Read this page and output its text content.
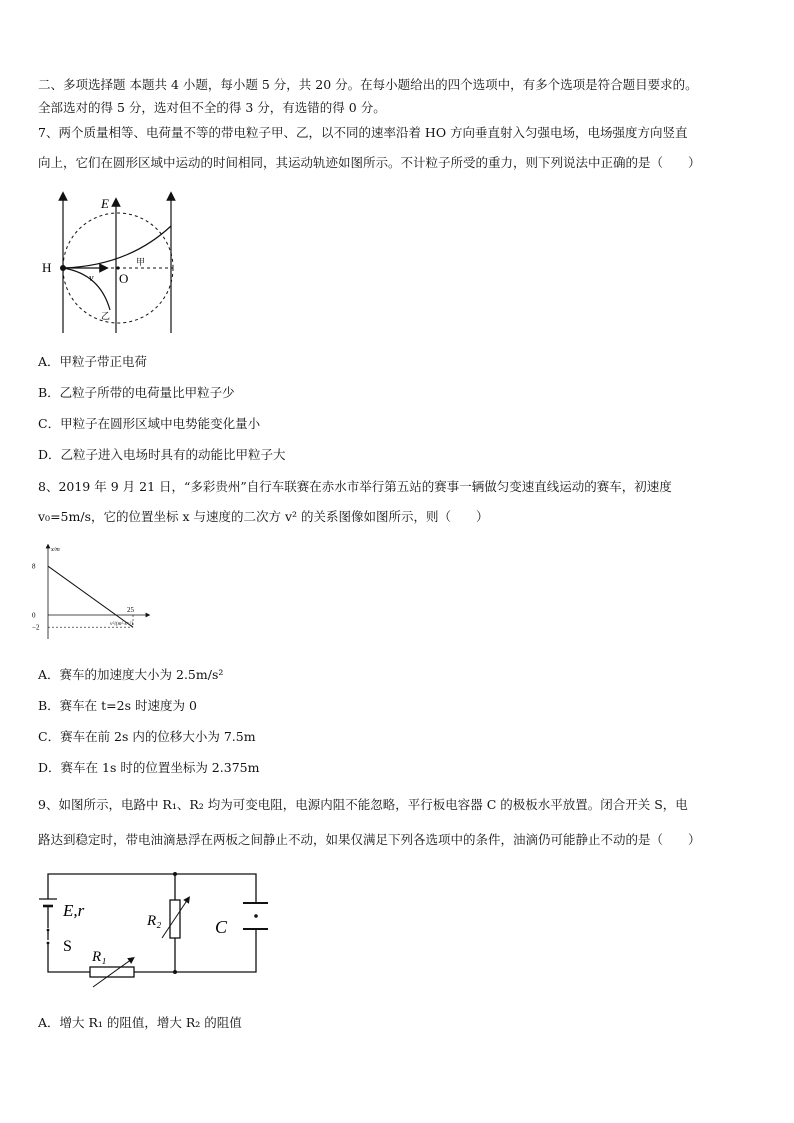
二、多项选择题 本题共 4 小题，每小题 5 分，共 20 分。在每小题给出的四个选项中，有多个选项是符合题目要求的。
全部选对的得 5 分，选对但不全的得 3 分，有选错的得 0 分。
7、两个质量相等、电荷量不等的带电粒子甲、乙，以不同的速率沿着 HO 方向垂直射入匀强电场，电场强度方向竖直
向上，它们在圆形区域中运动的时间相同，其运动轨迹如图所示。不计粒子所受的重力，则下列说法中正确的是（　　）
E
H
O
v
甲
乙
A．甲粒子带正电荷
B．乙粒子所带的电荷量比甲粒子少
C．甲粒子在圆形区域中电势能变化量小
D．乙粒子进入电场时具有的动能比甲粒子大
8、2019 年 9 月 21 日，“多彩贵州”自行车联赛在赤水市举行第五站的赛事一辆做匀变速直线运动的赛车，初速度
v₀=5m/s，它的位置坐标 x 与速度的二次方 v² 的关系图像如图所示，则（　　）
8
0
−2
25
x/m
v²/(m²·s⁻²)
A．赛车的加速度大小为 2.5m/s²
B．赛车在 t=2s 时速度为 0
C．赛车在前 2s 内的位移大小为 7.5m
D．赛车在 1s 时的位置坐标为 2.375m
9、如图所示，电路中 R₁、R₂ 均为可变电阻，电源内阻不能忽略，平行板电容器 C 的极板水平放置。闭合开关 S，电
路达到稳定时，带电油滴悬浮在两板之间静止不动，如果仅满足下列各选项中的条件，油滴仍可能静止不动的是（　　）
E,r
S
R₁
R₂	C
A．增大 R₁ 的阻值，增大 R₂ 的阻值
